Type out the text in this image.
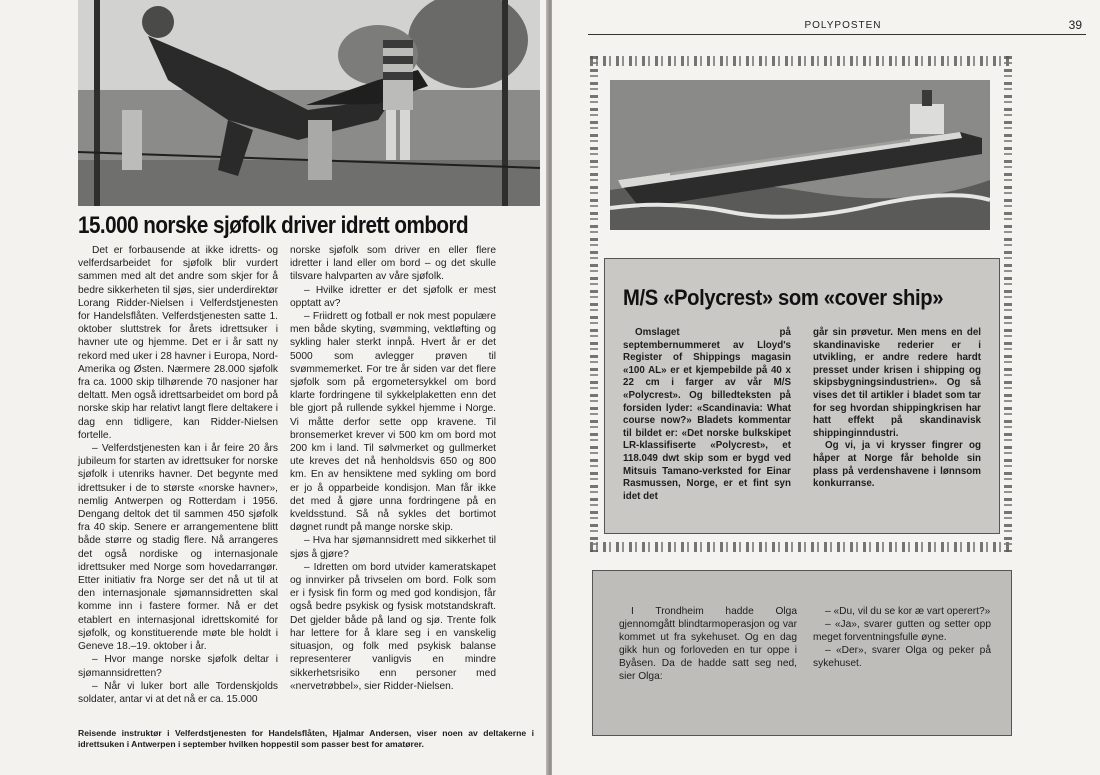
15.000 norske sjøfolk driver idrett ombord

Det er forbausende at ikke idretts- og velferdsarbeidet for sjøfolk blir vurdert sammen med alt det andre som skjer for å bedre sikkerheten til sjøs, sier underdirektør Lorang Ridder-Nielsen i Velferdstjenesten for Handelsflåten. Velferdstjenesten satte 1. oktober sluttstrek for årets idrettsuker i havner ute og hjemme. Det er i år satt ny rekord med uker i 28 havner i Europa, Nord-Amerika og Østen. Nærmere 28.000 sjøfolk fra ca. 1000 skip tilhørende 70 nasjoner har deltatt. Men også idrettsarbeidet om bord på norske skip har relativt langt flere deltakere i dag enn tidligere, kan Ridder-Nielsen fortelle.

– Velferdstjenesten kan i år feire 20 års jubileum for starten av idrettsuker for norske sjøfolk i utenriks havner. Det begynte med idrettsuker i de to største «norske havner», nemlig Antwerpen og Rotterdam i 1956. Dengang deltok det til sammen 450 sjøfolk fra 40 skip. Senere er arrangementene blitt både større og stadig flere. Nå arrangeres det også nordiske og internasjonale idrettsuker med Norge som hovedarrangør. Etter initiativ fra Norge ser det nå ut til at den internasjonale sjømannsidretten skal komme inn i fastere former. Nå er det etablert en internasjonal idrettskomité for sjøfolk, og konstituerende møte ble holdt i Geneve 18.–19. oktober i år.

– Hvor mange norske sjøfolk deltar i sjømannsidretten?

– Når vi luker bort alle Tordenskjolds soldater, antar vi at det nå er ca. 15.000

norske sjøfolk som driver en eller flere idretter i land eller om bord – og det skulle tilsvare halvparten av våre sjøfolk.

– Hvilke idretter er det sjøfolk er mest opptatt av?

– Friidrett og fotball er nok mest populære men både skyting, svømming, vektløfting og sykling haler sterkt innpå. Hvert år er det 5000 som avlegger prøven til svømmemerket. For tre år siden var det flere sjøfolk som på ergometersykkel om bord klarte fordringene til sykkelplaketten enn det ble gjort på rullende sykkel hjemme i Norge. Vi måtte derfor sette opp kravene. Til bronsemerket krever vi 500 km om bord mot 200 km i land. Til sølvmerket og gullmerket ute kreves det nå henholdsvis 650 og 800 km. En av hensiktene med sykling om bord er jo å opparbeide kondisjon. Man får ikke det med å gjøre unna fordringene på en kveldsstund. Så nå sykles det bortimot døgnet rundt på mange norske skip.

– Hva har sjømannsidrett med sikkerhet til sjøs å gjøre?

– Idretten om bord utvider kameratskapet og innvirker på trivselen om bord. Folk som er i fysisk fin form og med god kondisjon, får også bedre psykisk og fysisk motstandskraft. Det gjelder både på land og sjø. Trente folk har lettere for å klare seg i en vanskelig situasjon, og folk med psykisk balanse representerer vanligvis en mindre sikkerhetsrisiko enn personer med «nervetrøbbel», sier Ridder-Nielsen.

Reisende instruktør i Velferdstjenesten for Handelsflåten, Hjalmar Andersen, viser noen av deltakerne i idrettsuken i Antwerpen i september hvilken hoppestil som passer best for amatører.
POLYPOSTEN	39
M/S «Polycrest» som «cover ship»

Omslaget på septembernummeret av Lloyd's Register of Shippings magasin «100 AL» er et kjempebilde på 40 x 22 cm i farger av vår M/S «Polycrest». Og billedteksten på forsiden lyder: «Scandinavia: What course now?» Bladets kommentar til bildet er: «Det norske bulkskipet LR-klassifiserte «Polycrest», et 118.049 dwt skip som er bygd ved Mitsuis Tamano-verksted for Einar Rasmussen, Norge, er et fint syn idet det

går sin prøvetur. Men mens en del skandinaviske rederier er i utvikling, er andre redere hardt presset under krisen i shipping og skipsbygningsindustrien». Og så vises det til artikler i bladet som tar for seg hvordan shippingkrisen har hatt effekt på skandinavisk shippinginndustri.

Og vi, ja vi krysser fingrer og håper at Norge får beholde sin plass på verdenshavene i lønnsom konkurranse.

I Trondheim hadde Olga gjennomgått blindtarmoperasjon og var kommet ut fra sykehuset. Og en dag gikk hun og forloveden en tur oppe i Byåsen. Da de hadde satt seg ned, sier Olga:

– «Du, vil du se kor æ vart operert?»

– «Ja», svarer gutten og setter opp meget forventningsfulle øyne.

– «Der», svarer Olga og peker på sykehuset.
